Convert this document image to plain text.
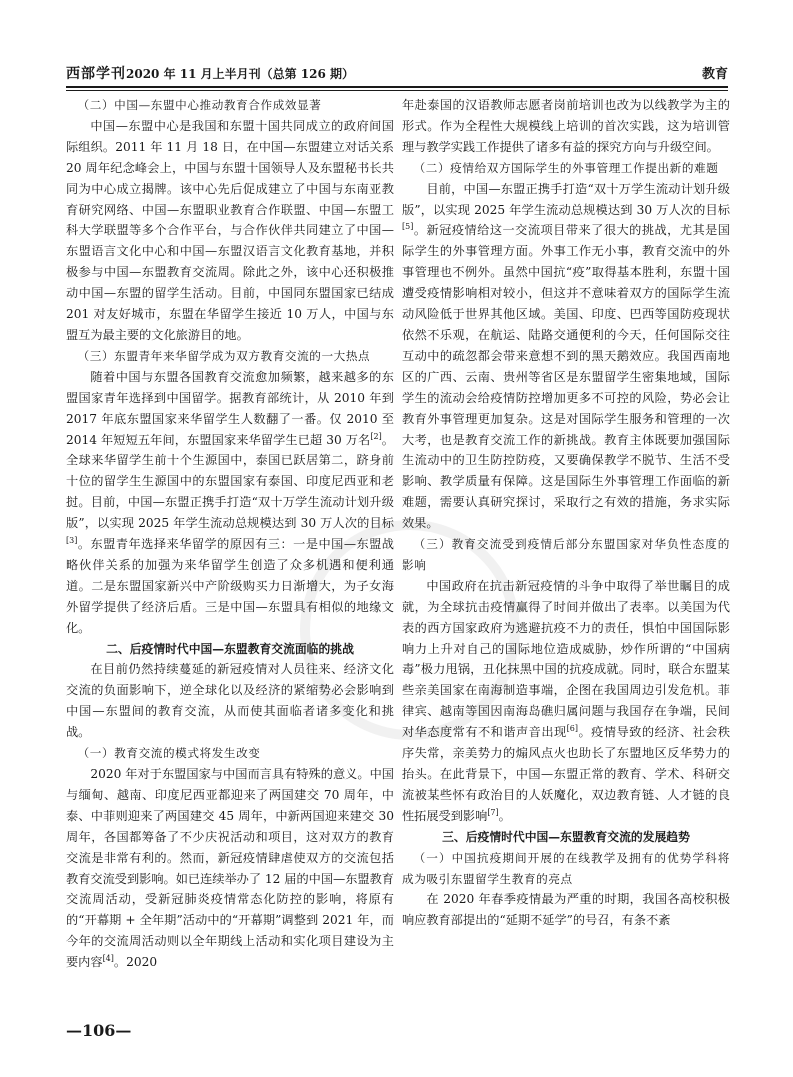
西部学刊2020 年 11 月上半月刊（总第 126 期）	教育

（二）中国—东盟中心推动教育合作成效显著

中国—东盟中心是我国和东盟十国共同成立的政府间国际组织。2011 年 11 月 18 日，在中国—东盟建立对话关系 20 周年纪念峰会上，中国与东盟十国领导人及东盟秘书长共同为中心成立揭牌。该中心先后促成建立了中国与东南亚教育研究网络、中国—东盟职业教育合作联盟、中国—东盟工科大学联盟等多个合作平台，与合作伙伴共同建立了中国—东盟语言文化中心和中国—东盟汉语言文化教育基地，并积极参与中国—东盟教育交流周。除此之外，该中心还积极推动中国—东盟的留学生活动。目前，中国同东盟国家已结成 201 对友好城市，东盟在华留学生接近 10 万人，中国与东盟互为最主要的文化旅游目的地。

（三）东盟青年来华留学成为双方教育交流的一大热点

随着中国与东盟各国教育交流愈加频繁，越来越多的东盟国家青年选择到中国留学。据教育部统计，从 2010 年到 2017 年底东盟国家来华留学生人数翻了一番。仅 2010 至 2014 年短短五年间，东盟国家来华留学生已超 30 万名[2]。全球来华留学生前十个生源国中，泰国已跃居第二，跻身前十位的留学生生源国中的东盟国家有泰国、印度尼西亚和老挝。目前，中国—东盟正携手打造“双十万学生流动计划升级版”，以实现 2025 年学生流动总规模达到 30 万人次的目标[3]。东盟青年选择来华留学的原因有三：一是中国—东盟战略伙伴关系的加强为来华留学生创造了众多机遇和便利通道。二是东盟国家新兴中产阶级购买力日渐增大，为子女海外留学提供了经济后盾。三是中国—东盟具有相似的地缘文化。

二、后疫情时代中国—东盟教育交流面临的挑战

在目前仍然持续蔓延的新冠疫情对人员往来、经济文化交流的负面影响下，逆全球化以及经济的紧缩势必会影响到中国—东盟间的教育交流，从而使其面临者诸多变化和挑战。

（一）教育交流的模式将发生改变

2020 年对于东盟国家与中国而言具有特殊的意义。中国与缅甸、越南、印度尼西亚都迎来了两国建交 70 周年，中泰、中菲则迎来了两国建交 45 周年，中新两国迎来建交 30 周年，各国都筹备了不少庆祝活动和项目，这对双方的教育交流是非常有利的。然而，新冠疫情肆虐使双方的交流包括教育交流受到影响。如已连续举办了 12 届的中国—东盟教育交流周活动，受新冠肺炎疫情常态化防控的影响，将原有的“开幕期 + 全年期”活动中的“开幕期”调整到 2021 年，而今年的交流周活动则以全年期线上活动和实化项目建设为主要内容[4]。2020

年赴泰国的汉语教师志愿者岗前培训也改为以线教学为主的形式。作为全程性大规模线上培训的首次实践，这为培训管理与教学实践工作提供了诸多有益的探究方向与升级空间。

（二）疫情给双方国际学生的外事管理工作提出新的难题

目前，中国—东盟正携手打造“双十万学生流动计划升级版”，以实现 2025 年学生流动总规模达到 30 万人次的目标[5]。新冠疫情给这一交流项目带来了很大的挑战，尤其是国际学生的外事管理方面。外事工作无小事，教育交流中的外事管理也不例外。虽然中国抗“疫”取得基本胜利，东盟十国遭受疫情影响相对较小，但这并不意味着双方的国际学生流动风险低于世界其他区域。美国、印度、巴西等国防疫现状依然不乐观，在航运、陆路交通便利的今天，任何国际交往互动中的疏忽都会带来意想不到的黑天鹅效应。我国西南地区的广西、云南、贵州等省区是东盟留学生密集地域，国际学生的流动会给疫情防控增加更多不可控的风险，势必会让教育外事管理更加复杂。这是对国际学生服务和管理的一次大考，也是教育交流工作的新挑战。教育主体既要加强国际生流动中的卫生防控防疫，又要确保教学不脱节、生活不受影响、教学质量有保障。这是国际生外事管理工作面临的新难题，需要认真研究探讨，采取行之有效的措施，务求实际效果。

（三）教育交流受到疫情后部分东盟国家对华负性态度的影响

中国政府在抗击新冠疫情的斗争中取得了举世瞩目的成就，为全球抗击疫情赢得了时间并做出了表率。以美国为代表的西方国家政府为逃避抗疫不力的责任，惧怕中国国际影响力上升对自己的国际地位造成威胁，炒作所谓的“中国病毒”极力甩锅，丑化抹黑中国的抗疫成就。同时，联合东盟某些亲美国家在南海制造事端，企图在我国周边引发危机。菲律宾、越南等国因南海岛礁归属问题与我国存在争端，民间对华态度常有不和谐声音出现[6]。疫情导致的经济、社会秩序失常，亲美势力的煽风点火也助长了东盟地区反华势力的抬头。在此背景下，中国—东盟正常的教育、学术、科研交流被某些怀有政治目的人妖魔化，双边教育链、人才链的良性拓展受到影响[7]。

三、后疫情时代中国—东盟教育交流的发展趋势

（一）中国抗疫期间开展的在线教学及拥有的优势学科将成为吸引东盟留学生教育的亮点

在 2020 年春季疫情最为严重的时期，我国各高校积极响应教育部提出的“延期不延学”的号召，有条不紊

—106—
